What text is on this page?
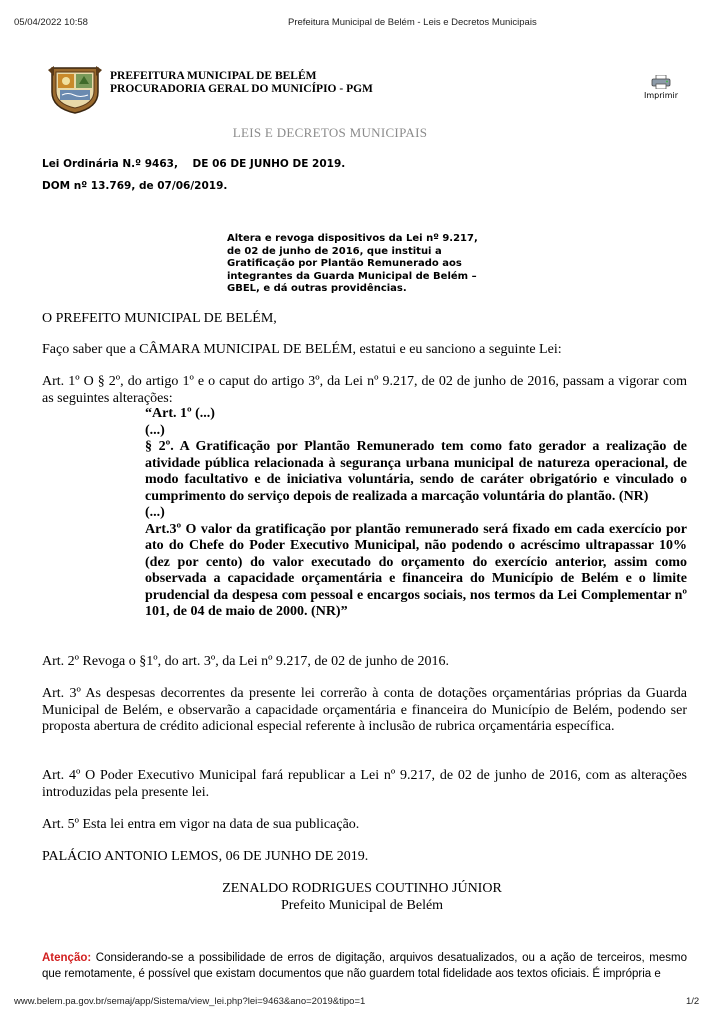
05/04/2022 10:58	Prefeitura Municipal de Belém - Leis e Decretos Municipais
PREFEITURA MUNICIPAL DE BELÉM
PROCURADORIA GERAL DO MUNICÍPIO - PGM
Imprimir
LEIS E DECRETOS MUNICIPAIS
Lei Ordinária N.º 9463,    DE 06 DE JUNHO DE 2019.
DOM nº 13.769, de 07/06/2019.
Altera e revoga dispositivos da Lei nº 9.217, de 02 de junho de 2016, que institui a Gratificação por Plantão Remunerado aos integrantes da Guarda Municipal de Belém – GBEL, e dá outras providências.
O PREFEITO MUNICIPAL DE BELÉM,
Faço saber que a CÂMARA MUNICIPAL DE BELÉM, estatui e eu sanciono a seguinte Lei:
Art. 1º O § 2º, do artigo 1º e o caput do artigo 3º, da Lei nº 9.217, de 02 de junho de 2016, passam a vigorar com as seguintes alterações:

“Art. 1º (...)

(...)

§ 2º. A Gratificação por Plantão Remunerado tem como fato gerador a realização de atividade pública relacionada à segurança urbana municipal de natureza operacional, de modo facultativo e de iniciativa voluntária, sendo de caráter obrigatório e vinculado o cumprimento do serviço depois de realizada a marcação voluntária do plantão. (NR)

(...)

Art.3º O valor da gratificação por plantão remunerado será fixado em cada exercício por ato do Chefe do Poder Executivo Municipal, não podendo o acréscimo ultrapassar 10% (dez por cento) do valor executado do orçamento do exercício anterior, assim como observada a capacidade orçamentária e financeira do Município de Belém e o limite prudencial da despesa com pessoal e encargos sociais, nos termos da Lei Complementar nº 101, de 04 de maio de 2000. (NR)”

Art. 2º Revoga o §1º, do art. 3º, da Lei nº 9.217, de 02 de junho de 2016.
Art. 3º As despesas decorrentes da presente lei correrão à conta de dotações orçamentárias próprias da Guarda Municipal de Belém, e observarão a capacidade orçamentária e financeira do Município de Belém, podendo ser proposta abertura de crédito adicional especial referente à inclusão de rubrica orçamentária específica.
Art. 4º O Poder Executivo Municipal fará republicar a Lei nº 9.217, de 02 de junho de 2016, com as alterações introduzidas pela presente lei.
Art. 5º Esta lei entra em vigor na data de sua publicação.
PALÁCIO ANTONIO LEMOS, 06 DE JUNHO DE 2019.
ZENALDO RODRIGUES COUTINHO JÚNIOR
Prefeito Municipal de Belém
Atenção: Considerando-se a possibilidade de erros de digitação, arquivos desatualizados, ou a ação de terceiros, mesmo que remotamente, é possível que existam documentos que não guardem total fidelidade aos textos oficiais. É imprópria e
www.belem.pa.gov.br/semaj/app/Sistema/view_lei.php?lei=9463&ano=2019&tipo=1	1/2
